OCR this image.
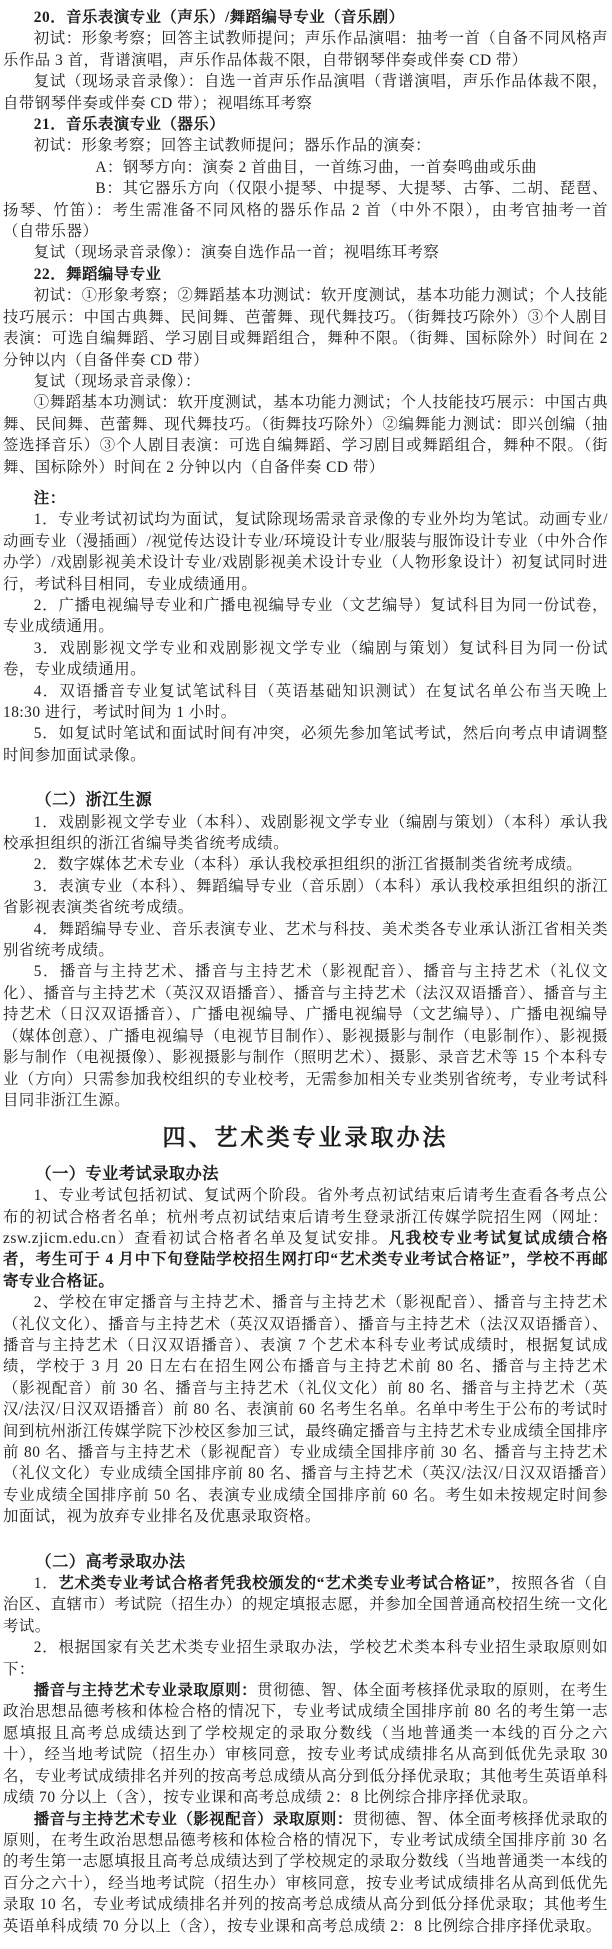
20．音乐表演专业（声乐）/舞蹈编导专业（音乐剧）

初试：形象考察；回答主试教师提问；声乐作品演唱：抽考一首（自备不同风格声乐作品 3 首，背谱演唱，声乐作品体裁不限，自带钢琴伴奏或伴奏 CD 带）

复试（现场录音录像）：自选一首声乐作品演唱（背谱演唱，声乐作品体裁不限，自带钢琴伴奏或伴奏 CD 带）；视唱练耳考察

21．音乐表演专业（器乐）

初试：形象考察；回答主试教师提问；器乐作品的演奏：

A：钢琴方向：演奏 2 首曲目，一首练习曲，一首奏鸣曲或乐曲

B：其它器乐方向（仅限小提琴、中提琴、大提琴、古筝、二胡、琵琶、扬琴、竹笛）：考生需准备不同风格的器乐作品 2 首（中外不限），由考官抽考一首（自带乐器）

复试（现场录音录像）：演奏自选作品一首；视唱练耳考察

22．舞蹈编导专业

初试：①形象考察；②舞蹈基本功测试：软开度测试，基本功能力测试；个人技能技巧展示：中国古典舞、民间舞、芭蕾舞、现代舞技巧。（街舞技巧除外）③个人剧目表演：可选自编舞蹈、学习剧目或舞蹈组合，舞种不限。（街舞、国标除外）时间在 2 分钟以内（自备伴奏 CD 带）

复试（现场录音录像）：

①舞蹈基本功测试：软开度测试，基本功能力测试；个人技能技巧展示：中国古典舞、民间舞、芭蕾舞、现代舞技巧。（街舞技巧除外）②编舞能力测试：即兴创编（抽签选择音乐）③个人剧目表演：可选自编舞蹈、学习剧目或舞蹈组合，舞种不限。（街舞、国标除外）时间在 2 分钟以内（自备伴奏 CD 带）

注：

1．专业考试初试均为面试，复试除现场需录音录像的专业外均为笔试。动画专业/动画专业（漫插画）/视觉传达设计专业/环境设计专业/服装与服饰设计专业（中外合作办学）/戏剧影视美术设计专业/戏剧影视美术设计专业（人物形象设计）初复试同时进行，考试科目相同，专业成绩通用。

2．广播电视编导专业和广播电视编导专业（文艺编导）复试科目为同一份试卷，专业成绩通用。

3．戏剧影视文学专业和戏剧影视文学专业（编剧与策划）复试科目为同一份试卷，专业成绩通用。

4．双语播音专业复试笔试科目（英语基础知识测试）在复试名单公布当天晚上 18:30 进行，考试时间为 1 小时。

5．如复试时笔试和面试时间有冲突，必须先参加笔试考试，然后向考点申请调整时间参加面试录像。

（二）浙江生源

1．戏剧影视文学专业（本科）、戏剧影视文学专业（编剧与策划）（本科）承认我校承担组织的浙江省编导类省统考成绩。

2．数字媒体艺术专业（本科）承认我校承担组织的浙江省摄制类省统考成绩。

3．表演专业（本科）、舞蹈编导专业（音乐剧）（本科）承认我校承担组织的浙江省影视表演类省统考成绩。

4．舞蹈编导专业、音乐表演专业、艺术与科技、美术类各专业承认浙江省相关类别省统考成绩。

5．播音与主持艺术、播音与主持艺术（影视配音）、播音与主持艺术（礼仪文化）、播音与主持艺术（英汉双语播音）、播音与主持艺术（法汉双语播音）、播音与主持艺术（日汉双语播音）、广播电视编导、广播电视编导（文艺编导）、广播电视编导（媒体创意）、广播电视编导（电视节目制作）、影视摄影与制作（电影制作）、影视摄影与制作（电视摄像）、影视摄影与制作（照明艺术）、摄影、录音艺术等 15 个本科专业（方向）只需参加我校组织的专业校考，无需参加相关专业类别省统考，专业考试科目同非浙江生源。

四、艺术类专业录取办法

（一）专业考试录取办法

1、专业考试包括初试、复试两个阶段。省外考点初试结束后请考生查看各考点公布的初试合格者名单；杭州考点初试结束后请考生登录浙江传媒学院招生网（网址：zsw.zjicm.edu.cn）查看初试合格者名单及复试安排。凡我校专业考试复试成绩合格者，考生可于 4 月中下旬登陆学校招生网打印“艺术类专业考试合格证”，学校不再邮寄专业合格证。

2、学校在审定播音与主持艺术、播音与主持艺术（影视配音）、播音与主持艺术（礼仪文化）、播音与主持艺术（英汉双语播音）、播音与主持艺术（法汉双语播音）、播音与主持艺术（日汉双语播音）、表演 7 个艺术本科专业考试成绩时，根据复试成绩，学校于 3 月 20 日左右在招生网公布播音与主持艺术前 80 名、播音与主持艺术（影视配音）前 30 名、播音与主持艺术（礼仪文化）前 80 名、播音与主持艺术（英汉/法汉/日汉双语播音）前 80 名、表演前 60 名考生名单。名单中考生于公布的考试时间到杭州浙江传媒学院下沙校区参加三试，最终确定播音与主持艺术专业成绩全国排序前 80 名、播音与主持艺术（影视配音）专业成绩全国排序前 30 名、播音与主持艺术（礼仪文化）专业成绩全国排序前 80 名、播音与主持艺术（英汉/法汉/日汉双语播音）专业成绩全国排序前 50 名、表演专业成绩全国排序前 60 名。考生如未按规定时间参加面试，视为放弃专业排名及优惠录取资格。

（二）高考录取办法

1．艺术类专业考试合格者凭我校颁发的“艺术类专业考试合格证”，按照各省（自治区、直辖市）考试院（招生办）的规定填报志愿，并参加全国普通高校招生统一文化考试。

2．根据国家有关艺术类专业招生录取办法，学校艺术类本科专业招生录取原则如下：

播音与主持艺术专业录取原则：贯彻德、智、体全面考核择优录取的原则，在考生政治思想品德考核和体检合格的情况下，专业考试成绩全国排序前 80 名的考生第一志愿填报且高考总成绩达到了学校规定的录取分数线（当地普通类一本线的百分之六十），经当地考试院（招生办）审核同意，按专业考试成绩排名从高到低优先录取 30 名，专业考试成绩排名并列的按高考总成绩从高分到低分择优录取；其他考生英语单科成绩 70 分以上（含），按专业课和高考总成绩 2：8 比例综合排序择优录取。

播音与主持艺术专业（影视配音）录取原则：贯彻德、智、体全面考核择优录取的原则，在考生政治思想品德考核和体检合格的情况下，专业考试成绩全国排序前 30 名的考生第一志愿填报且高考总成绩达到了学校规定的录取分数线（当地普通类一本线的百分之六十），经当地考试院（招生办）审核同意，按专业考试成绩排名从高到低优先录取 10 名，专业考试成绩排名并列的按高考总成绩从高分到低分择优录取；其他考生英语单科成绩 70 分以上（含），按专业课和高考总成绩 2：8 比例综合排序择优录取。
